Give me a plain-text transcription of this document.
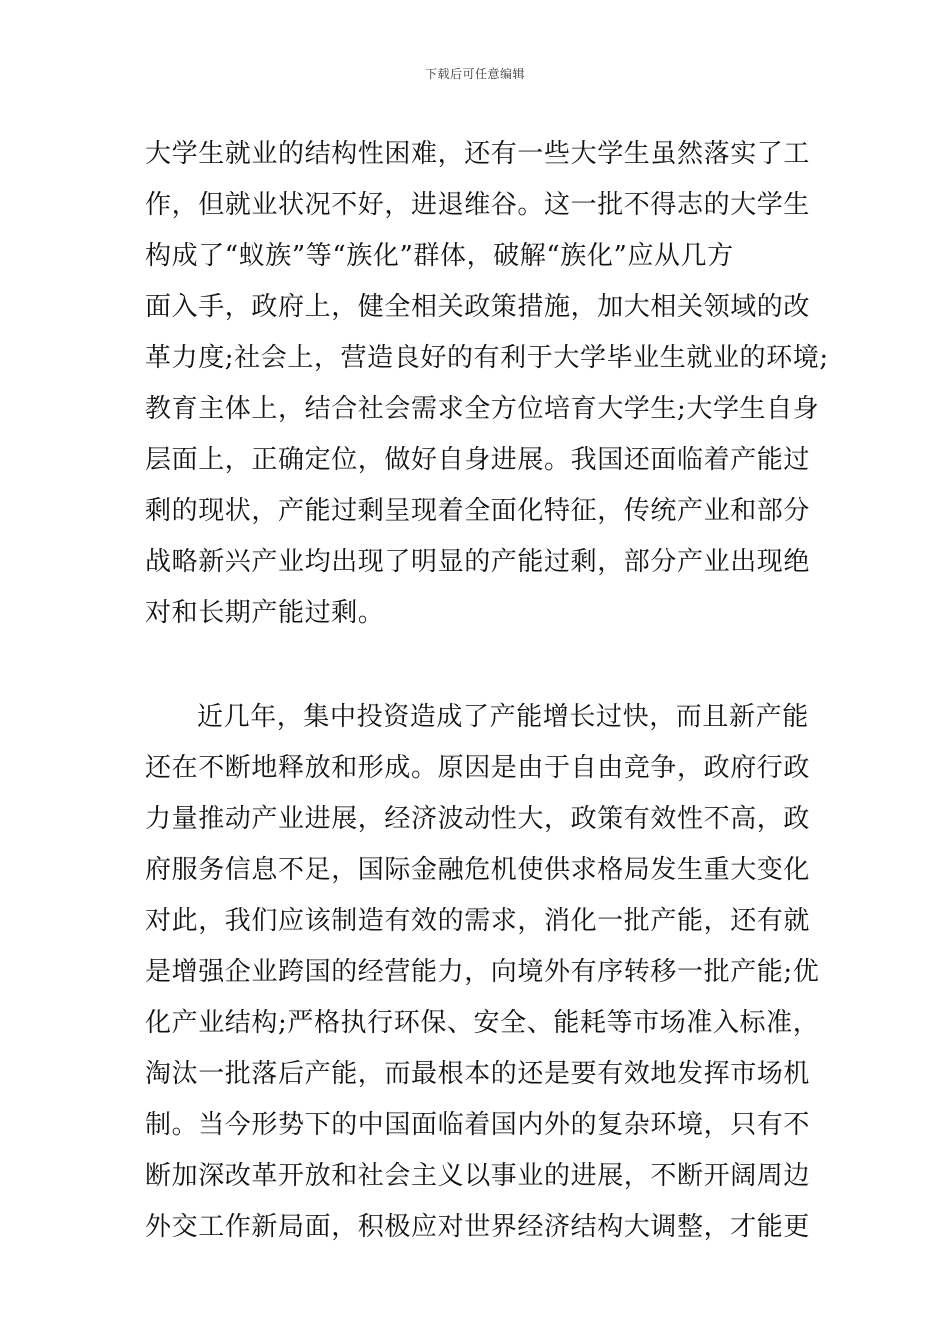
下载后可任意编辑
大学生就业的结构性困难，还有一些大学生虽然落实了工
作，但就业状况不好，进退维谷。这一批不得志的大学生
构成了“蚁族”等“族化”群体，破解“族化”应从几方
面入手，政府上，健全相关政策措施，加大相关领域的改
革力度;社会上，营造良好的有利于大学毕业生就业的环境;
教育主体上，结合社会需求全方位培育大学生;大学生自身
层面上，正确定位，做好自身进展。我国还面临着产能过
剩的现状，产能过剩呈现着全面化特征，传统产业和部分
战略新兴产业均出现了明显的产能过剩，部分产业出现绝
对和长期产能过剩。
近几年，集中投资造成了产能增长过快，而且新产能
还在不断地释放和形成。原因是由于自由竞争，政府行政
力量推动产业进展，经济波动性大，政策有效性不高，政
府服务信息不足，国际金融危机使供求格局发生重大变化
对此，我们应该制造有效的需求，消化一批产能，还有就
是增强企业跨国的经营能力，向境外有序转移一批产能;优
化产业结构;严格执行环保、安全、能耗等市场准入标准，
淘汰一批落后产能，而最根本的还是要有效地发挥市场机
制。当今形势下的中国面临着国内外的复杂环境，只有不
断加深改革开放和社会主义以事业的进展，不断开阔周边
外交工作新局面，积极应对世界经济结构大调整，才能更
